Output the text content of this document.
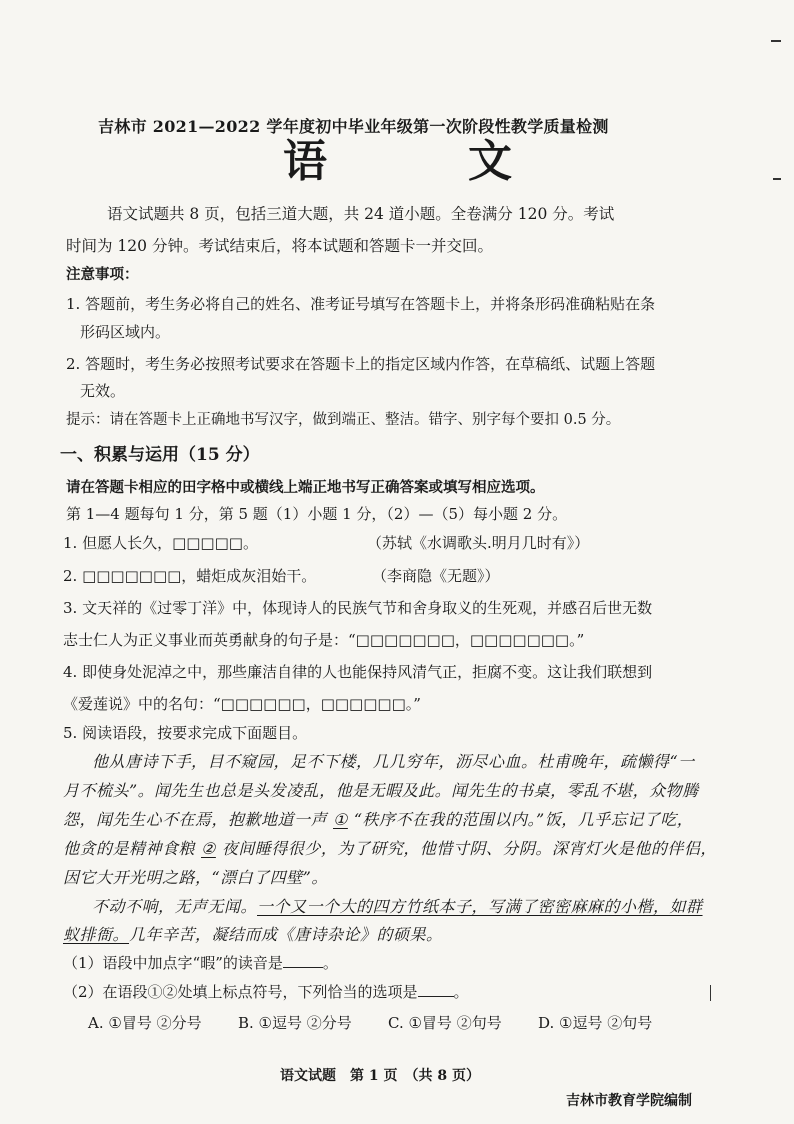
吉林市 2021—2022 学年度初中毕业年级第一次阶段性教学质量检测
语	文
语文试题共 8 页，包括三道大题，共 24 道小题。全卷满分 120 分。考试
时间为 120 分钟。考试结束后，将本试题和答题卡一并交回。
注意事项：
1. 答题前，考生务必将自己的姓名、准考证号填写在答题卡上，并将条形码准确粘贴在条
形码区域内。
2. 答题时，考生务必按照考试要求在答题卡上的指定区域内作答，在草稿纸、试题上答题
无效。
提示：请在答题卡上正确地书写汉字，做到端正、整洁。错字、别字每个要扣 0.5 分。
一、积累与运用（15 分）
请在答题卡相应的田字格中或横线上端正地书写正确答案或填写相应选项。
第 1—4 题每句 1 分，第 5 题（1）小题 1 分，（2）—（5）每小题 2 分。
1. 但愿人长久，□□□□□。	（苏轼《水调歌头.明月几时有》）
2. □□□□□□□，蜡炬成灰泪始干。	（李商隐《无题》）
3. 文天祥的《过零丁洋》中，体现诗人的民族气节和舍身取义的生死观，并感召后世无数
志士仁人为正义事业而英勇献身的句子是：“□□□□□□□，□□□□□□□。”
4. 即使身处泥淖之中，那些廉洁自律的人也能保持风清气正，拒腐不变。这让我们联想到
《爱莲说》中的名句：“□□□□□□，□□□□□□。”
5. 阅读语段，按要求完成下面题目。
他从唐诗下手，目不窥园，足不下楼，几几穷年，沥尽心血。杜甫晚年，疏懒得“一
月不梳头”。闻先生也总是头发凌乱，他是无暇及此。闻先生的书桌，零乱不堪，众物腾
怨，闻先生心不在焉，抱歉地道一声 ① “秩序不在我的范围以内。”饭，几乎忘记了吃，
他贪的是精神食粮 ② 夜间睡得很少，为了研究，他惜寸阴、分阴。深宵灯火是他的伴侣，
因它大开光明之路，“漂白了四壁”。
不动不响，无声无闻。一个又一个大的四方竹纸本子，写满了密密麻麻的小楷，如群
蚁排衙。几年辛苦，凝结而成《唐诗杂论》的硕果。
（1）语段中加点字“暇”的读音是	。
（2）在语段①②处填上标点符号，下列恰当的选项是 。
A. ①冒号 ②分号 B. ①逗号 ②分号 C. ①冒号 ②句号 D. ①逗号 ②句号
语文试题　第 1 页　（共 8 页）
吉林市教育学院编制
